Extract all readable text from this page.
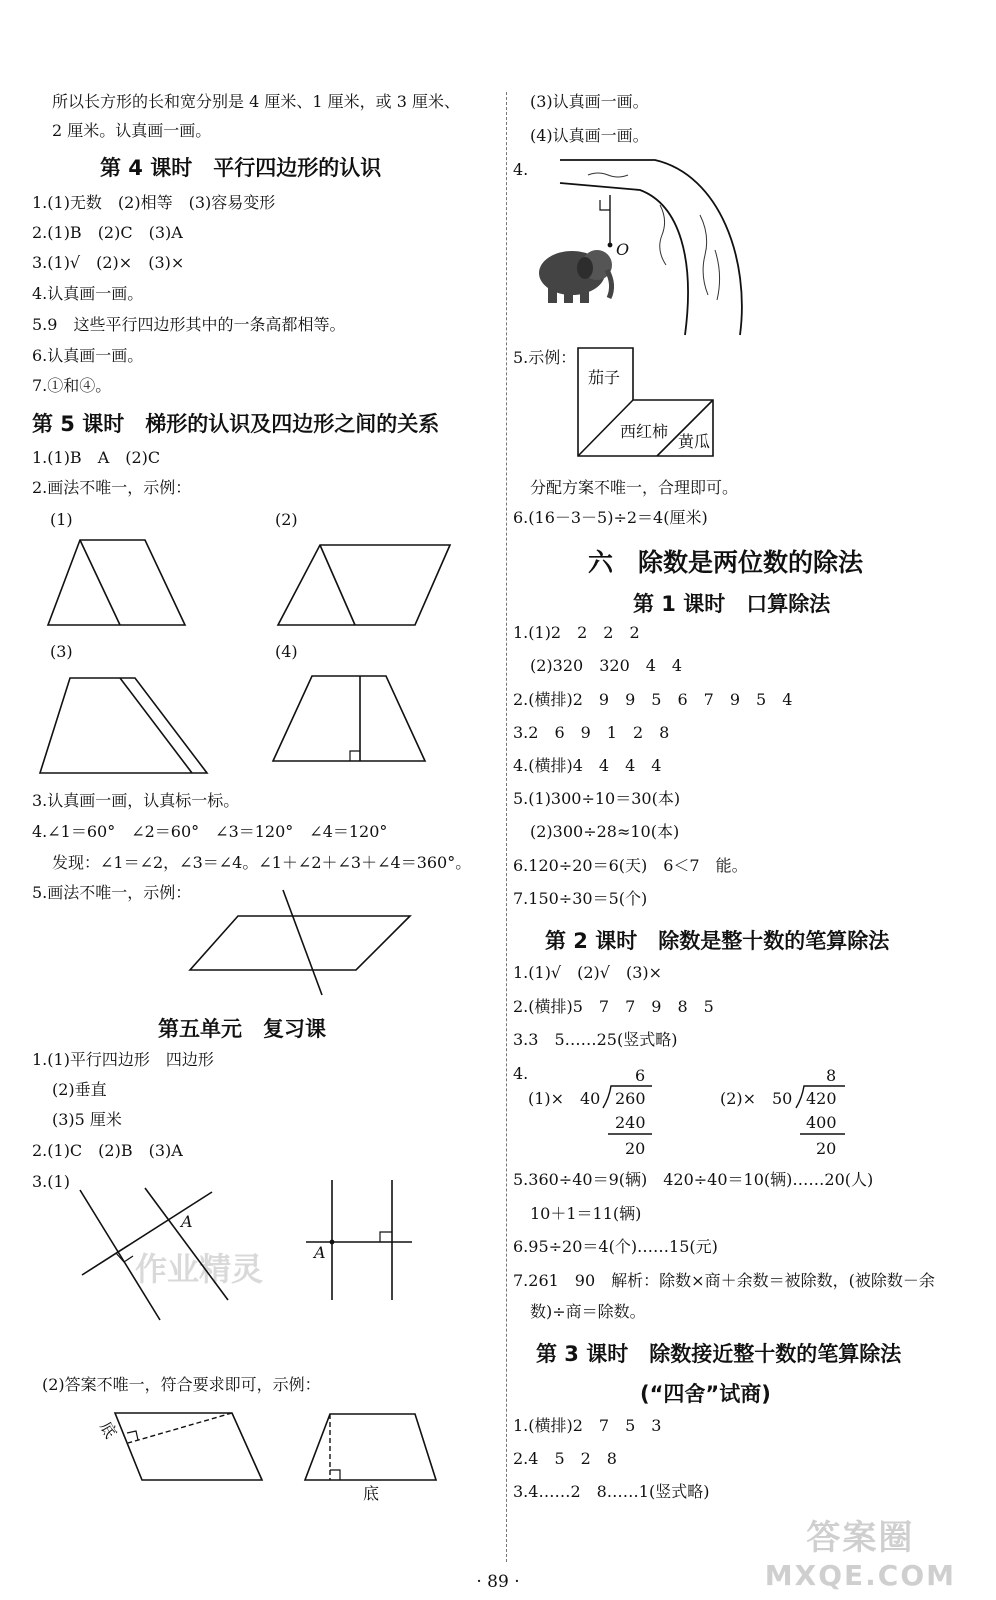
所以长方形的长和宽分别是 4 厘米、1 厘米，或 3 厘米、
2 厘米。认真画一画。
第 4 课时　平行四边形的认识
1.(1)无数　(2)相等　(3)容易变形
2.(1)B　(2)C　(3)A
3.(1)√　(2)×　(3)×
4.认真画一画。
5.9　这些平行四边形其中的一条高都相等。
6.认真画一画。
7.①和④。
第 5 课时　梯形的认识及四边形之间的关系
1.(1)B　A　(2)C
2.画法不唯一，示例：
(1)	(2)
(3)	(4)
3.认真画一画，认真标一标。
4.∠1＝60°　∠2＝60°　∠3＝120°　∠4＝120°
发现：∠1＝∠2，∠3＝∠4。∠1＋∠2＋∠3＋∠4＝360°。
5.画法不唯一，示例：
第五单元　复习课
1.(1)平行四边形　四边形
(2)垂直
(3)5 厘米
2.(1)C　(2)B　(3)A
3.(1)
作业精灵
A
A
(2)答案不唯一，符合要求即可，示例：
底
底
(3)认真画一画。
(4)认真画一画。
4.
O
5.示例：
茄子
西红柿
黄瓜
分配方案不唯一，合理即可。
6.(16－3－5)÷2＝4(厘米)
六　除数是两位数的除法
第 1 课时　口算除法
1.(1)2　2　2　2
(2)320　320　4　4
2.(横排)2　9　9　5　6　7　9　5　4
3.2　6　9　1　2　8
4.(横排)4　4　4　4
5.(1)300÷10＝30(本)
(2)300÷28≈10(本)
6.120÷20＝6(天)　6＜7　能。
7.150÷30＝5(个)
第 2 课时　除数是整十数的笔算除法
1.(1)√　(2)√　(3)×
2.(横排)5　7　7　9　8　5
3.3　5……25(竖式略)
4.
(1)× 40
6
260
240
20
(2)× 50
8
420
400
20
5.360÷40＝9(辆)　420÷40＝10(辆)……20(人)
10＋1＝11(辆)
6.95÷20＝4(个)……15(元)
7.261　90　解析：除数×商＋余数＝被除数，(被除数－余
数)÷商＝除数。
第 3 课时　除数接近整十数的笔算除法
(“四舍”试商)
1.(横排)2　7　5　3
2.4　5　2　8
3.4……2　8……1(竖式略)
· 89 ·
答案圈
MXQE.COM
